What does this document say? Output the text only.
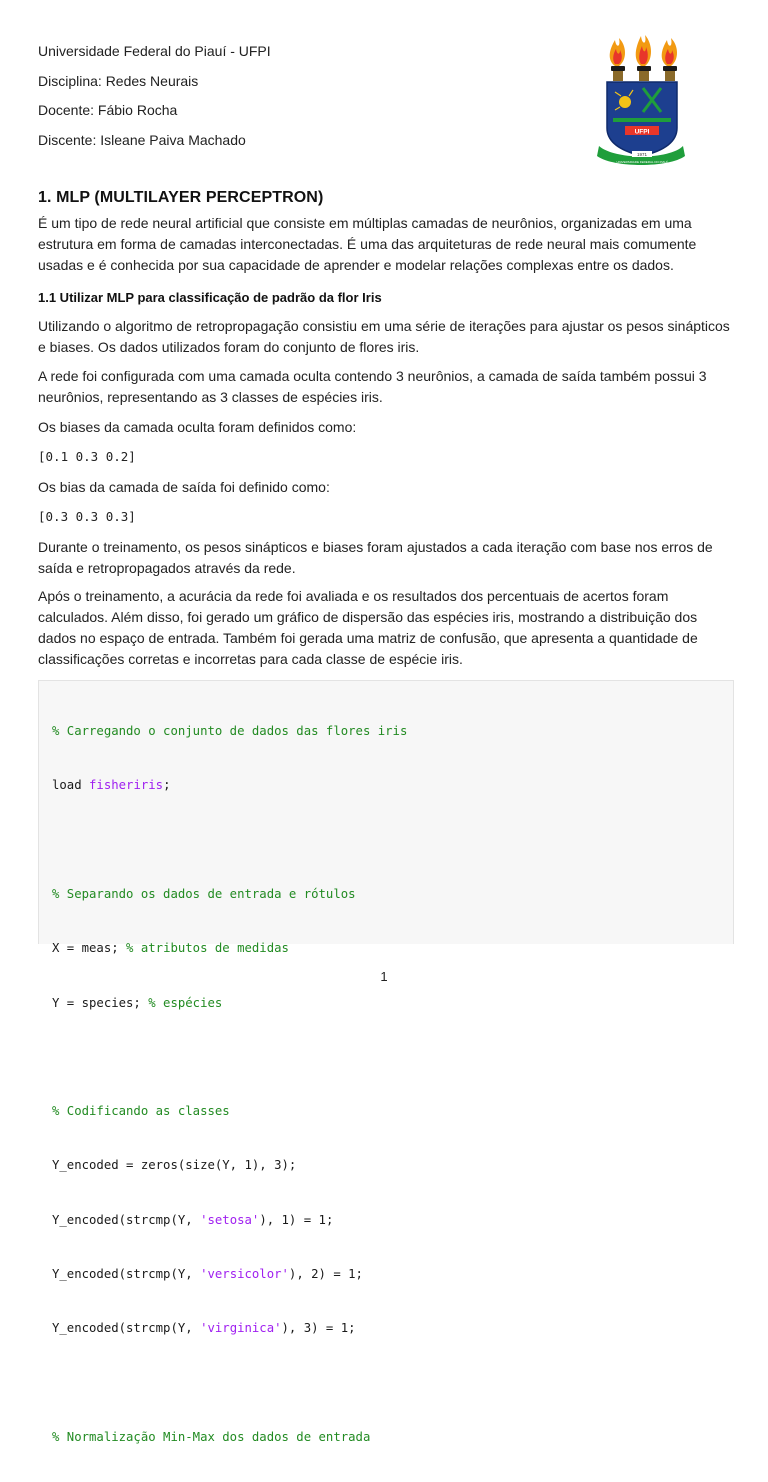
Universidade Federal do Piauí - UFPI
Disciplina: Redes Neurais
Docente: Fábio Rocha
Discente: Isleane Paiva Machado	UFPI
1971
UNIVERSIDADE FEDERAL DO PIAUÍ
1. MLP (MULTILAYER PERCEPTRON)
É um tipo de rede neural artificial que consiste em múltiplas camadas de neurônios, organizadas em uma estrutura em forma de camadas interconectadas. É uma das arquiteturas de rede neural mais comumente usadas e é conhecida por sua capacidade de aprender e modelar relações complexas entre os dados.
1.1 Utilizar MLP para classificação de padrão da flor Iris
Utilizando o algoritmo de retropropagação consistiu em uma série de iterações para ajustar os pesos sinápticos e biases. Os dados utilizados foram do conjunto de flores iris.
A rede foi configurada com uma camada oculta contendo 3 neurônios, a camada de saída também possui 3 neurônios, representando as 3 classes de espécies iris.
Os biases da camada oculta foram definidos como:
[0.1 0.3 0.2]
Os bias da camada de saída foi definido como:
[0.3 0.3 0.3]
Durante o treinamento, os pesos sinápticos e biases foram ajustados a cada iteração com base nos erros de saída e retropropagados através da rede.
Após o treinamento, a acurácia da rede foi avaliada e os resultados dos percentuais de acertos foram calculados. Além disso, foi gerado um gráfico de dispersão das espécies iris, mostrando a distribuição dos dados no espaço de entrada. Também foi gerada uma matriz de confusão, que apresenta a quantidade de classificações corretas e incorretas para cada classe de espécie iris.

% Carregando o conjunto de dados das flores iris

load fisheriris;

% Separando os dados de entrada e rótulos

X = meas; % atributos de medidas

Y = species; % espécies

% Codificando as classes

Y_encoded = zeros(size(Y, 1), 3);

Y_encoded(strcmp(Y, 'setosa'), 1) = 1;

Y_encoded(strcmp(Y, 'versicolor'), 2) = 1;

Y_encoded(strcmp(Y, 'virginica'), 3) = 1;

% Normalização Min-Max dos dados de entrada

1
